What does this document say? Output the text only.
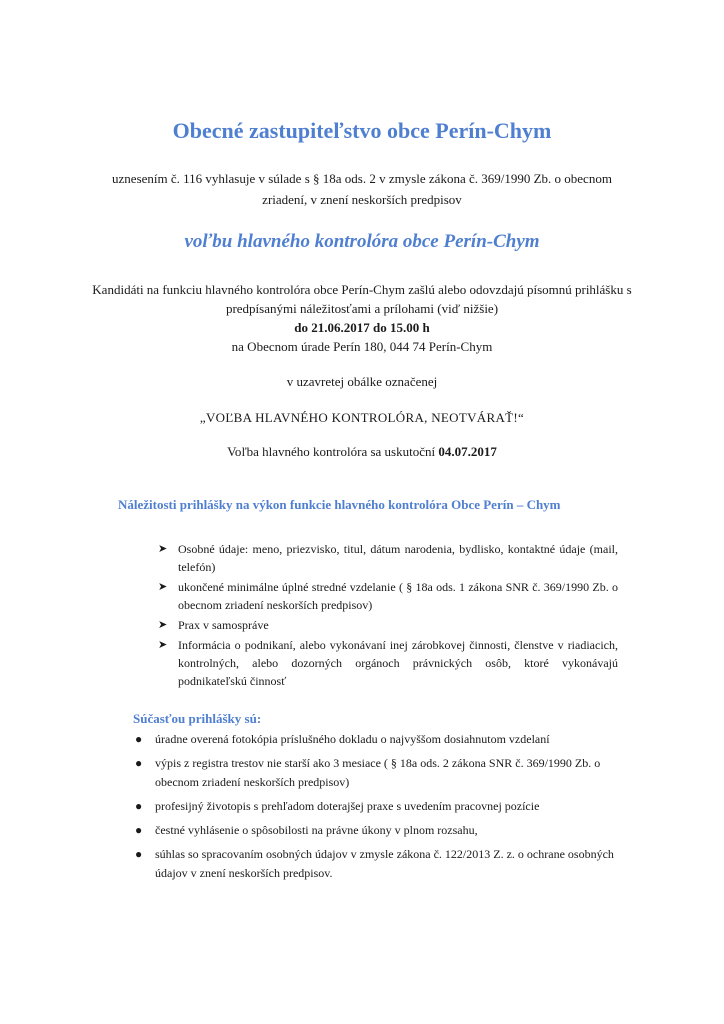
Obecné zastupiteľstvo obce Perín-Chym

uznesením č. 116 vyhlasuje v súlade s § 18a ods. 2 v zmysle zákona č. 369/1990 Zb. o obecnom zriadení, v znení neskorších predpisov

voľbu hlavného kontrolóra obce Perín-Chym
Kandidáti na funkciu hlavného kontrolóra obce Perín-Chym zašlú alebo odovzdajú písomnú prihlášku s predpísanými náležitosťami a prílohami (viď nižšie)
do 21.06.2017 do 15.00 h
na Obecnom úrade Perín 180, 044 74 Perín-Chym

v uzavretej obálke označenej

„VOĽBA HLAVNÉHO KONTROLÓRA, NEOTVÁRAŤ!“

Voľba hlavného kontrolóra sa uskutoční 04.07.2017

Náležitosti prihlášky na výkon funkcie hlavného kontrolóra Obce Perín – Chym
➤ Osobné údaje: meno, priezvisko, titul, dátum narodenia, bydlisko, kontaktné údaje (mail, telefón)
➤ ukončené minimálne úplné stredné vzdelanie ( § 18a ods. 1 zákona SNR č. 369/1990 Zb. o obecnom zriadení neskorších predpisov)
➤ Prax v samospráve
➤ Informácia o podnikaní, alebo vykonávaní inej zárobkovej činnosti, členstve v riadiacich, kontrolných, alebo dozorných orgánoch právnických osôb, ktoré vykonávajú podnikateľskú činnosť
Súčasťou prihlášky sú:
● úradne overená fotokópia príslušného dokladu o najvyššom dosiahnutom vzdelaní
● výpis z registra trestov nie starší ako 3 mesiace ( § 18a ods. 2 zákona SNR č. 369/1990 Zb. o obecnom zriadení neskorších predpisov)
● profesijný životopis s prehľadom doterajšej praxe s uvedením pracovnej pozície
● čestné vyhlásenie o spôsobilosti na právne úkony v plnom rozsahu,
● súhlas so spracovaním osobných údajov v zmysle zákona č. 122/2013 Z. z. o ochrane osobných údajov v znení neskorších predpisov.
